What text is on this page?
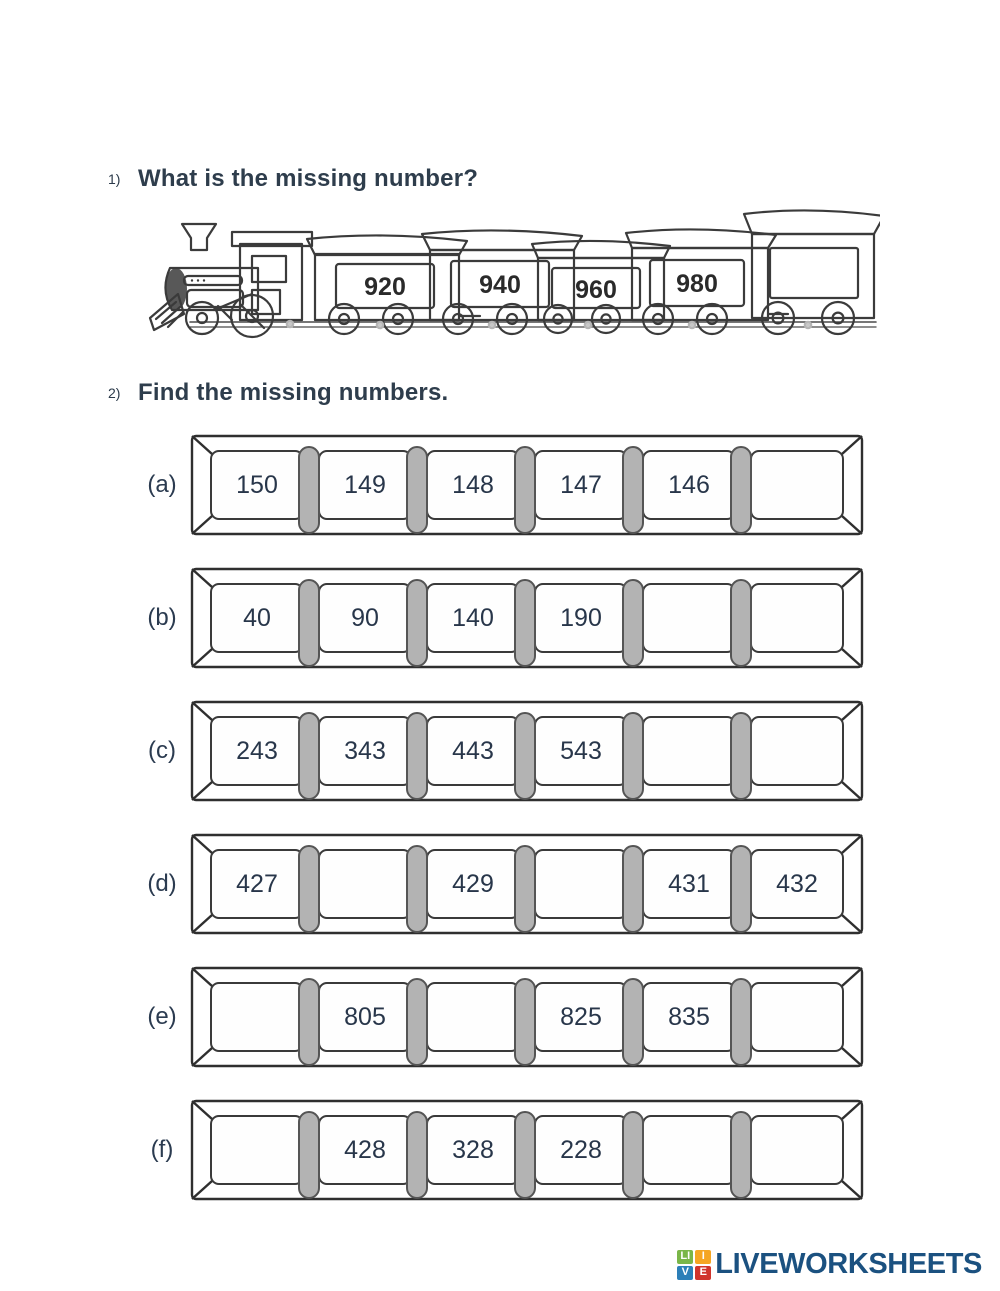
1) What is the missing number?
920	940 960 980
2) Find the missing numbers.
(a) 150	149	148	147	146
(b)	40	90	140	190
(c)	243	343	443	543
(d) 427	429	431	432
(e)	805	825	835
(f)	428	328	228
LI	I
V E LIVEWORKSHEETS
